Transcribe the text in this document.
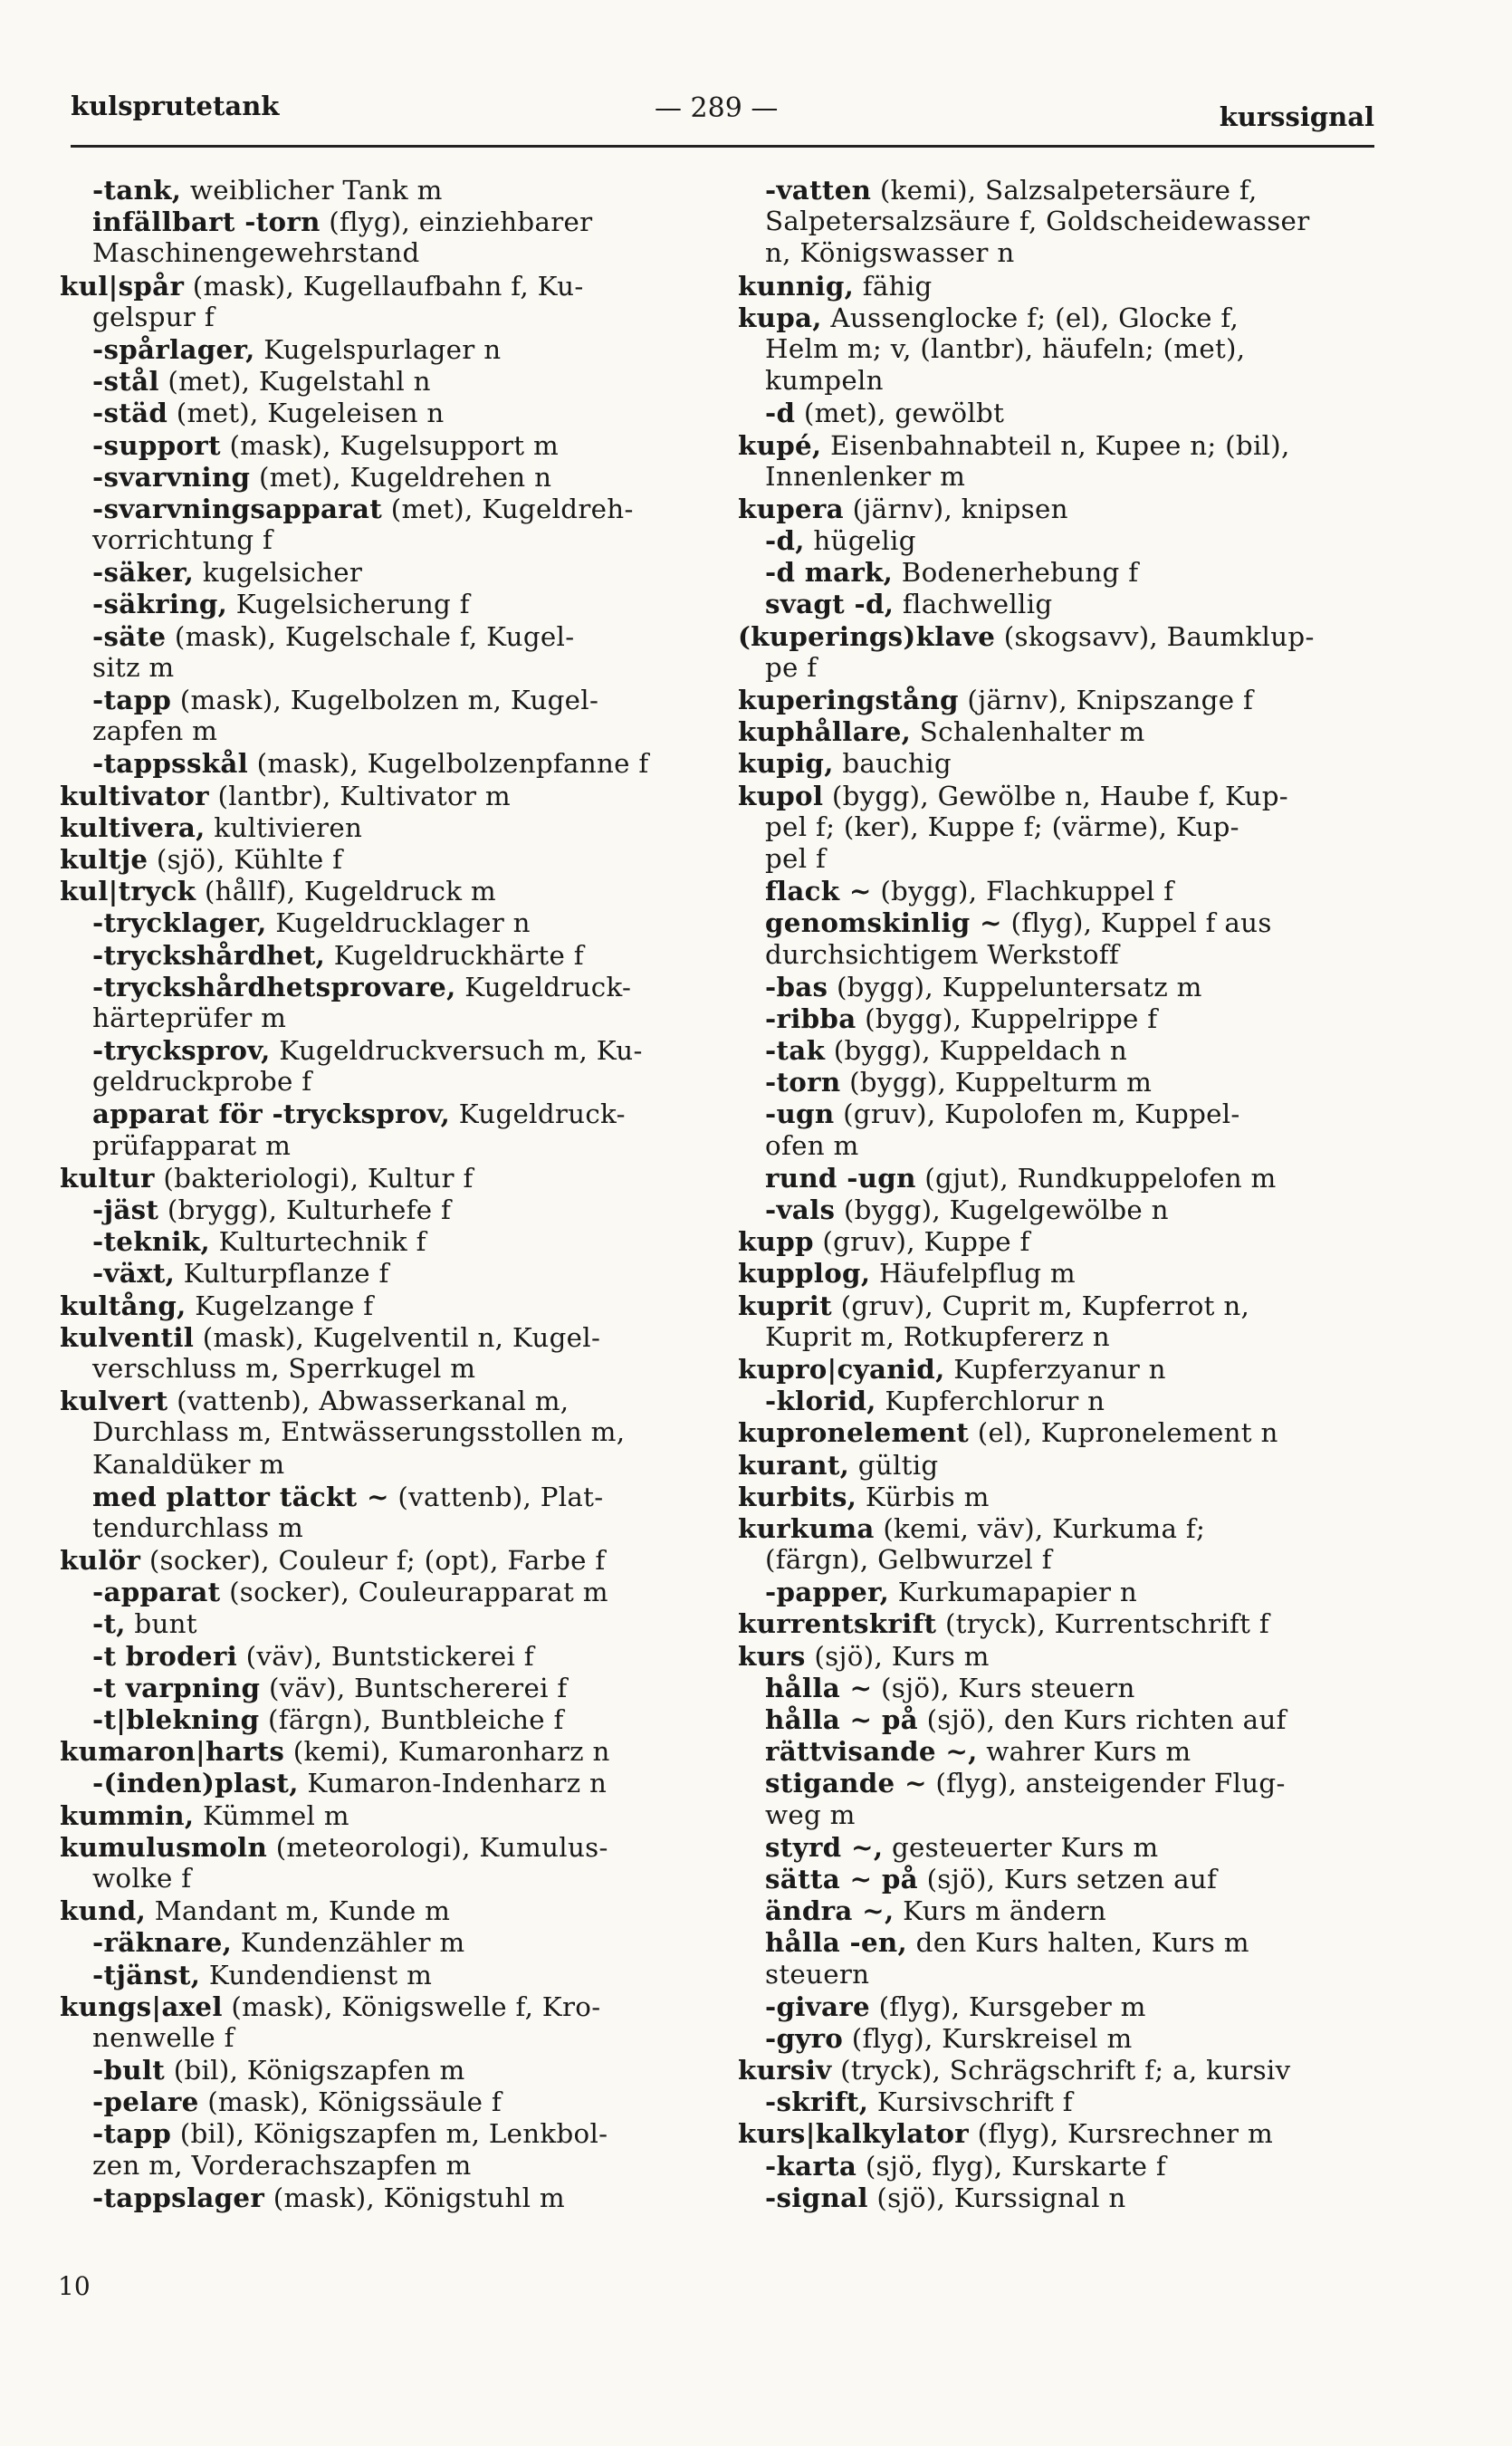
kulsprutetank	— 289 —	kurssignal
-tank, weiblicher Tank m
infällbart -torn (flyg), einziehbarer
Maschinengewehrstand
kul|spår (mask), Kugellaufbahn f, Ku-
gelspur f
-spårlager, Kugelspurlager n
-stål (met), Kugelstahl n
-städ (met), Kugeleisen n
-support (mask), Kugelsupport m
-svarvning (met), Kugeldrehen n
-svarvningsapparat (met), Kugeldreh-
vorrichtung f
-säker, kugelsicher
-säkring, Kugelsicherung f
-säte (mask), Kugelschale f, Kugel-
sitz m
-tapp (mask), Kugelbolzen m, Kugel-
zapfen m
-tappsskål (mask), Kugelbolzenpfanne f
kultivator (lantbr), Kultivator m
kultivera, kultivieren
kultje (sjö), Kühlte f
kul|tryck (hållf), Kugeldruck m
-trycklager, Kugeldrucklager n
-tryckshårdhet, Kugeldruckhärte f
-tryckshårdhetsprovare, Kugeldruck-
härteprüfer m
-trycksprov, Kugeldruckversuch m, Ku-
geldruckprobe f
apparat för -trycksprov, Kugeldruck-
prüfapparat m
kultur (bakteriologi), Kultur f
-jäst (brygg), Kulturhefe f
-teknik, Kulturtechnik f
-växt, Kulturpflanze f
kultång, Kugelzange f
kulventil (mask), Kugelventil n, Kugel-
verschluss m, Sperrkugel m
kulvert (vattenb), Abwasserkanal m,
Durchlass m, Entwässerungsstollen m,
Kanaldüker m
med plattor täckt ~ (vattenb), Plat-
tendurchlass m
kulör (socker), Couleur f; (opt), Farbe f
-apparat (socker), Couleurapparat m
-t, bunt
-t broderi (väv), Buntstickerei f
-t varpning (väv), Buntschererei f
-t|blekning (färgn), Buntbleiche f
kumaron|harts (kemi), Kumaronharz n
-(inden)plast, Kumaron-Indenharz n
kummin, Kümmel m
kumulusmoln (meteorologi), Kumulus-
wolke f
kund, Mandant m, Kunde m
-räknare, Kundenzähler m
-tjänst, Kundendienst m
kungs|axel (mask), Königswelle f, Kro-
nenwelle f
-bult (bil), Königszapfen m
-pelare (mask), Königssäule f
-tapp (bil), Königszapfen m, Lenkbol-
zen m, Vorderachszapfen m
-tappslager (mask), Königstuhl m
-vatten (kemi), Salzsalpetersäure f,
Salpetersalzsäure f, Goldscheidewasser
n, Königswasser n
kunnig, fähig
kupa, Aussenglocke f; (el), Glocke f,
Helm m; v, (lantbr), häufeln; (met),
kumpeln
-d (met), gewölbt
kupé, Eisenbahnabteil n, Kupee n; (bil),
Innenlenker m
kupera (järnv), knipsen
-d, hügelig
-d mark, Bodenerhebung f
svagt -d, flachwellig
(kuperings)klave (skogsavv), Baumklup-
pe f
kuperingstång (järnv), Knipszange f
kuphållare, Schalenhalter m
kupig, bauchig
kupol (bygg), Gewölbe n, Haube f, Kup-
pel f; (ker), Kuppe f; (värme), Kup-
pel f
flack ~ (bygg), Flachkuppel f
genomskinlig ~ (flyg), Kuppel f aus
durchsichtigem Werkstoff
-bas (bygg), Kuppeluntersatz m
-ribba (bygg), Kuppelrippe f
-tak (bygg), Kuppeldach n
-torn (bygg), Kuppelturm m
-ugn (gruv), Kupolofen m, Kuppel-
ofen m
rund -ugn (gjut), Rundkuppelofen m
-vals (bygg), Kugelgewölbe n
kupp (gruv), Kuppe f
kupplog, Häufelpflug m
kuprit (gruv), Cuprit m, Kupferrot n,
Kuprit m, Rotkupfererz n
kupro|cyanid, Kupferzyanur n
-klorid, Kupferchlorur n
kupronelement (el), Kupronelement n
kurant, gültig
kurbits, Kürbis m
kurkuma (kemi, väv), Kurkuma f;
(färgn), Gelbwurzel f
-papper, Kurkumapapier n
kurrentskrift (tryck), Kurrentschrift f
kurs (sjö), Kurs m
hålla ~ (sjö), Kurs steuern
hålla ~ på (sjö), den Kurs richten auf
rättvisande ~, wahrer Kurs m
stigande ~ (flyg), ansteigender Flug-
weg m
styrd ~, gesteuerter Kurs m
sätta ~ på (sjö), Kurs setzen auf
ändra ~, Kurs m ändern
hålla -en, den Kurs halten, Kurs m
steuern
-givare (flyg), Kursgeber m
-gyro (flyg), Kurskreisel m
kursiv (tryck), Schrägschrift f; a, kursiv
-skrift, Kursivschrift f
kurs|kalkylator (flyg), Kursrechner m
-karta (sjö, flyg), Kurskarte f
-signal (sjö), Kurssignal n
10
